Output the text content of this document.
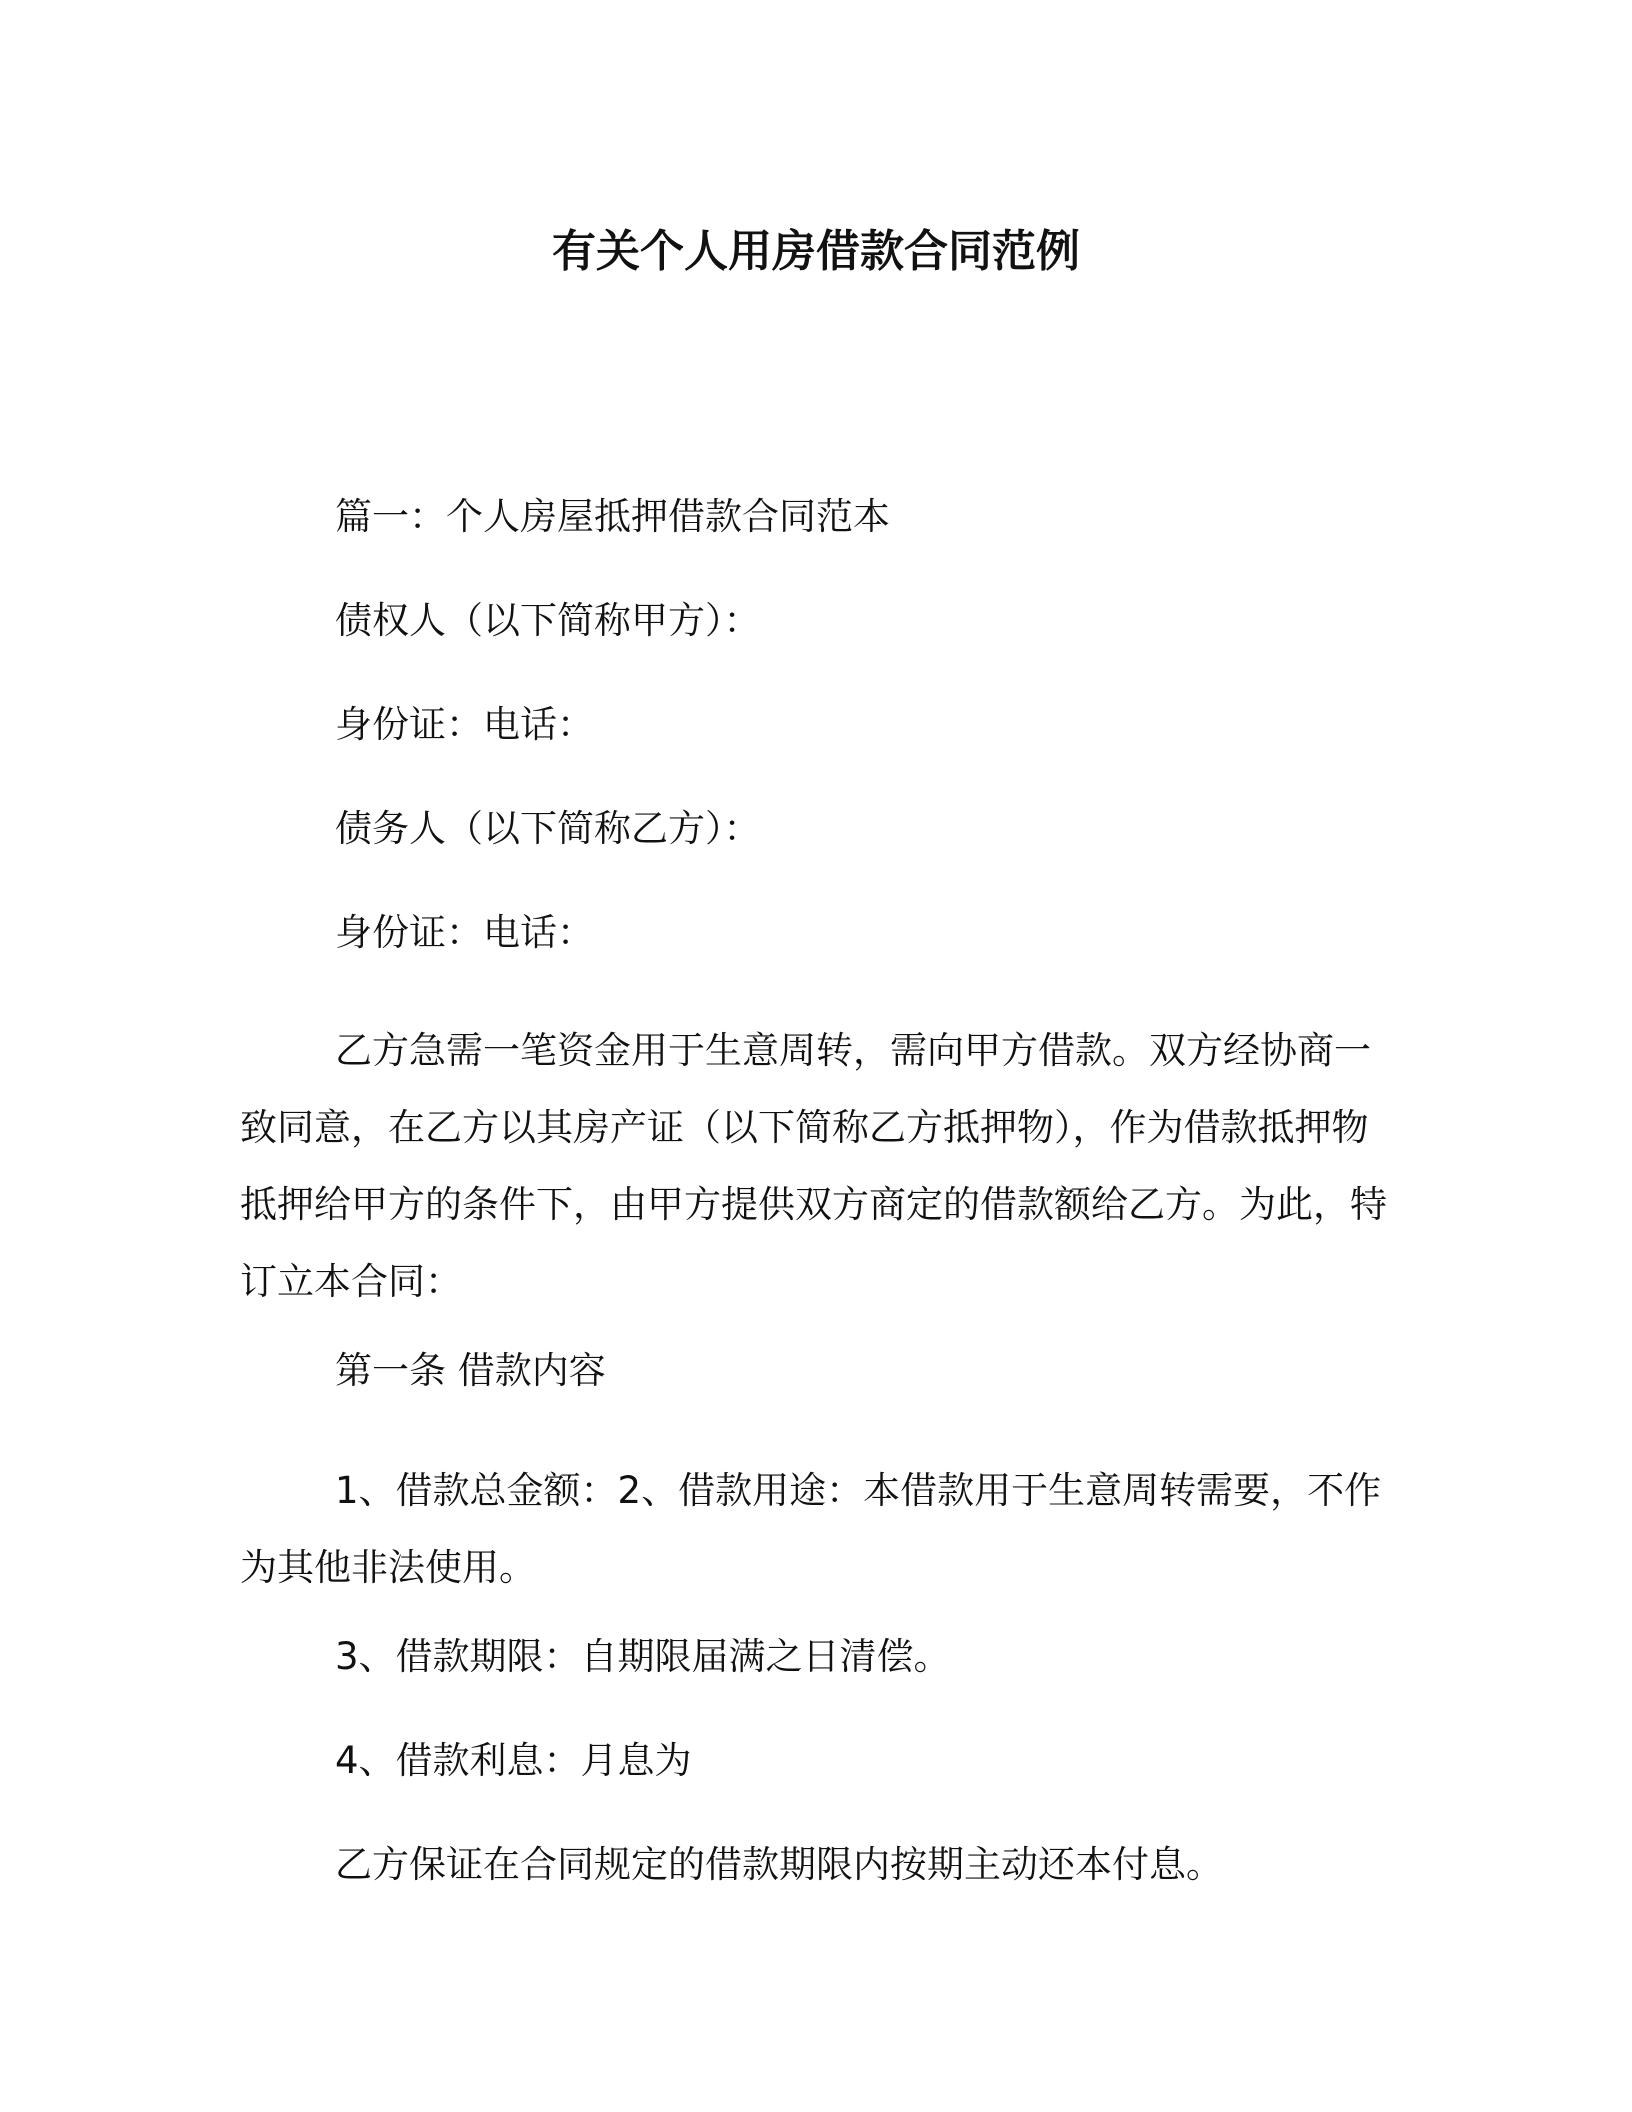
有关个人用房借款合同范例

篇一：个人房屋抵押借款合同范本

债权人（以下简称甲方）：

身份证：电话：

债务人（以下简称乙方）：

身份证：电话：

乙方急需一笔资金用于生意周转，需向甲方借款。双方经协商一致同意，在乙方以其房产证（以下简称乙方抵押物），作为借款抵押物抵押给甲方的条件下，由甲方提供双方商定的借款额给乙方。为此，特订立本合同：

第一条 借款内容

1、借款总金额：2、借款用途：本借款用于生意周转需要，不作为其他非法使用。

3、借款期限：自期限届满之日清偿。

4、借款利息：月息为

乙方保证在合同规定的借款期限内按期主动还本付息。
